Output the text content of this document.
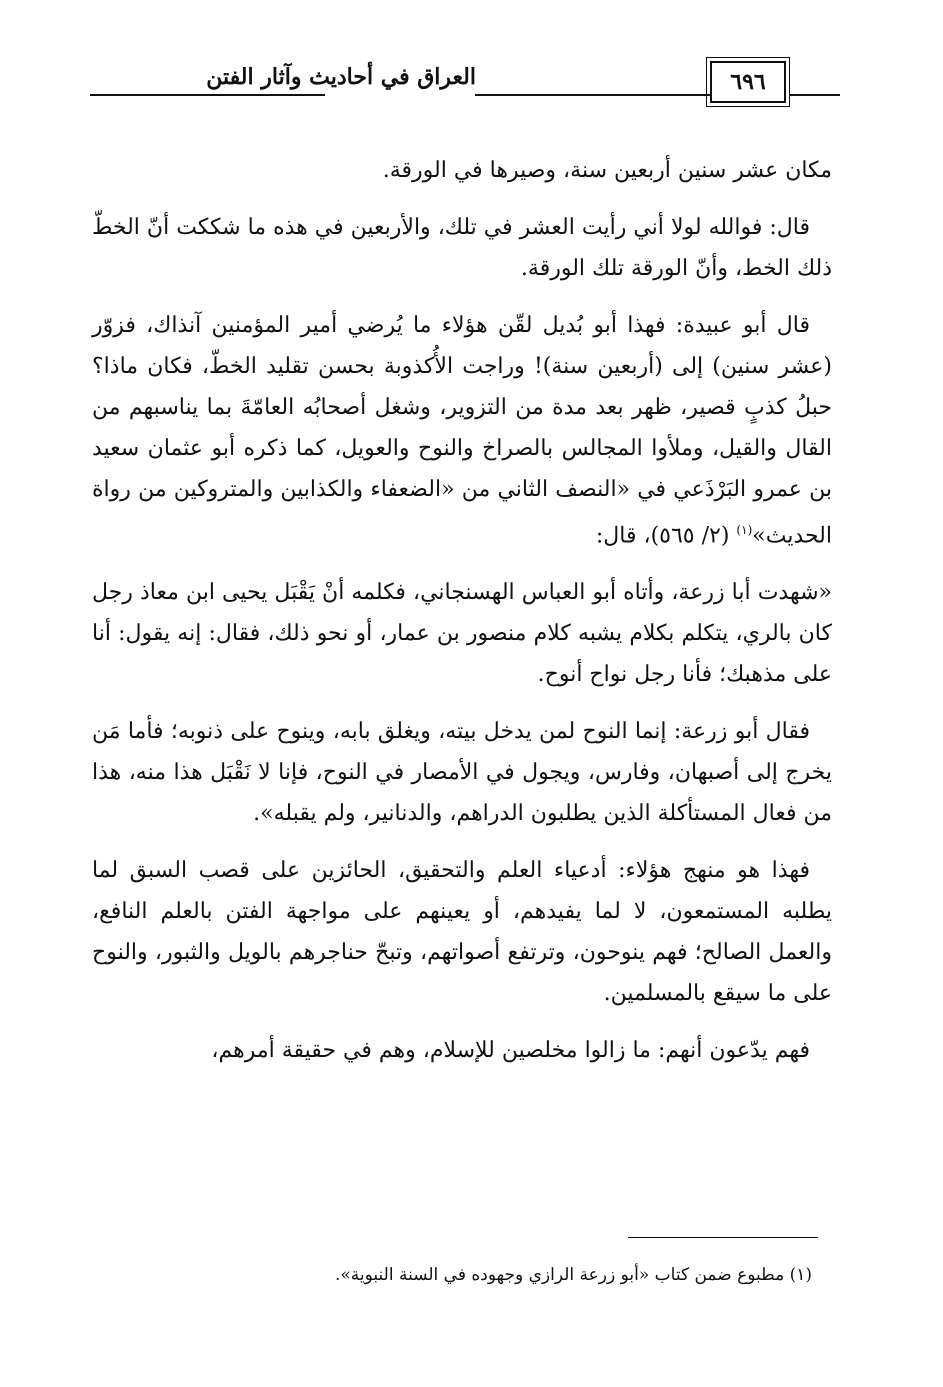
العراق في أحاديث وآثار الفتن	٦٩٦

مكان عشر سنين أربعين سنة، وصيرها في الورقة.

قال: فوالله لولا أني رأيت العشر في تلك، والأربعين في هذه ما شككت أنّ الخطّ ذلك الخط، وأنّ الورقة تلك الورقة.

قال أبو عبيدة: فهذا أبو بُديل لقّن هؤلاء ما يُرضي أمير المؤمنين آنذاك، فزوّر (عشر سنين) إلى (أربعين سنة)! وراجت الأُكذوبة بحسن تقليد الخطّ، فكان ماذا؟ حبلُ كذبٍ قصير، ظهر بعد مدة من التزوير، وشغل أصحابُه العامّةَ بما يناسبهم من القال والقيل، وملأوا المجالس بالصراخ والنوح والعويل، كما ذكره أبو عثمان سعيد بن عمرو البَرْذَعي في «النصف الثاني من «الضعفاء والكذابين والمتروكين من رواة الحديث»$^{(١)}$ (٢/ ٥٦٥)، قال:

«شهدت أبا زرعة، وأتاه أبو العباس الهسنجاني، فكلمه أنْ يَقْبَل يحيى ابن معاذ رجل كان بالري، يتكلم بكلام يشبه كلام منصور بن عمار، أو نحو ذلك، فقال: إنه يقول: أنا على مذهبك؛ فأنا رجل نواح أنوح.

فقال أبو زرعة: إنما النوح لمن يدخل بيته، ويغلق بابه، وينوح على ذنوبه؛ فأما مَن يخرج إلى أصبهان، وفارس، ويجول في الأمصار في النوح، فإنا لا نَقْبَل هذا منه، هذا من فعال المستأكلة الذين يطلبون الدراهم، والدنانير، ولم يقبله».

فهذا هو منهج هؤلاء: أدعياء العلم والتحقيق، الحائزين على قصب السبق لما يطلبه المستمعون، لا لما يفيدهم، أو يعينهم على مواجهة الفتن بالعلم النافع، والعمل الصالح؛ فهم ينوحون، وترتفع أصواتهم، وتبحّ حناجرهم بالويل والثبور، والنوح على ما سيقع بالمسلمين.

فهم يدّعون أنهم: ما زالوا مخلصين للإسلام، وهم في حقيقة أمرهم،

(١) مطبوع ضمن كتاب «أبو زرعة الرازي وجهوده في السنة النبوية».
